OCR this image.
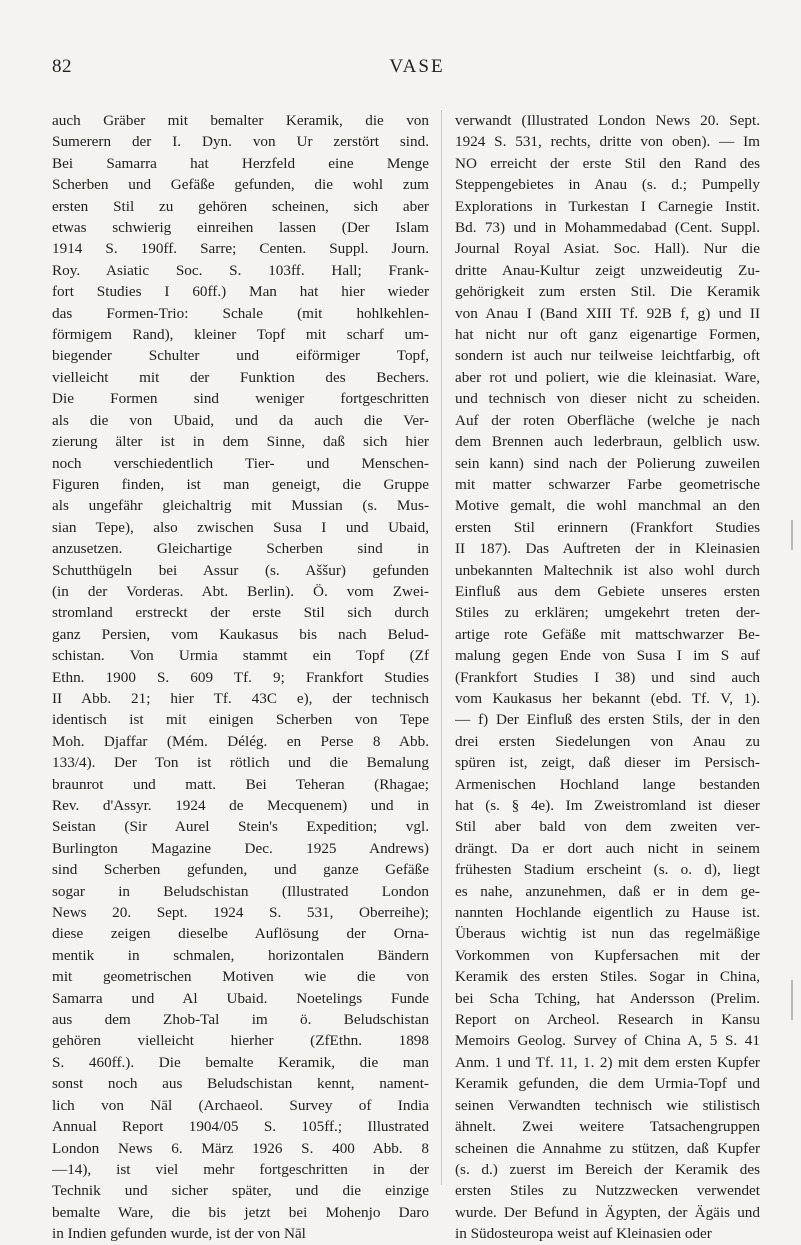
82	VASE
auch Gräber mit bemalter Keramik, die von
Sumerern der I. Dyn. von Ur zerstört sind.
Bei Samarra hat Herzfeld eine Menge
Scherben und Gefäße gefunden, die wohl zum
ersten Stil zu gehören scheinen, sich aber
etwas schwierig einreihen lassen (Der Islam
1914 S. 190ff. Sarre; Centen. Suppl. Journ.
Roy. Asiatic Soc. S. 103ff. Hall; Frank-
fort Studies I 60ff.) Man hat hier wieder
das Formen-Trio: Schale (mit hohlkehlen-
förmigem Rand), kleiner Topf mit scharf um-
biegender Schulter und eiförmiger Topf,
vielleicht mit der Funktion des Bechers.
Die Formen sind weniger fortgeschritten
als die von Ubaid, und da auch die Ver-
zierung älter ist in dem Sinne, daß sich hier
noch verschiedentlich Tier- und Menschen-
Figuren finden, ist man geneigt, die Gruppe
als ungefähr gleichaltrig mit Mussian (s. Mus-
sian Tepe), also zwischen Susa I und Ubaid,
anzusetzen. Gleichartige Scherben sind in
Schutthügeln bei Assur (s. Aššur) gefunden
(in der Vorderas. Abt. Berlin). Ö. vom Zwei-
stromland erstreckt der erste Stil sich durch
ganz Persien, vom Kaukasus bis nach Belud-
schistan. Von Urmia stammt ein Topf (Zf
Ethn. 1900 S. 609 Tf. 9; Frankfort Studies
II Abb. 21; hier Tf. 43C e), der technisch
identisch ist mit einigen Scherben von Tepe
Moh. Djaffar (Mém. Délég. en Perse 8 Abb.
133/4). Der Ton ist rötlich und die Bemalung
braunrot und matt. Bei Teheran (Rhagae;
Rev. d'Assyr. 1924 de Mecquenem) und in
Seistan (Sir Aurel Stein's Expedition; vgl.
Burlington Magazine Dec. 1925 Andrews)
sind Scherben gefunden, und ganze Gefäße
sogar in Beludschistan (Illustrated London
News 20. Sept. 1924 S. 531, Oberreihe);
diese zeigen dieselbe Auflösung der Orna-
mentik in schmalen, horizontalen Bändern
mit geometrischen Motiven wie die von
Samarra und Al Ubaid. Noetelings Funde
aus dem Zhob-Tal im ö. Beludschistan
gehören vielleicht hierher (ZfEthn. 1898
S. 460ff.). Die bemalte Keramik, die man
sonst noch aus Beludschistan kennt, nament-
lich von Nāl (Archaeol. Survey of India
Annual Report 1904/05 S. 105ff.; Illustrated
London News 6. März 1926 S. 400 Abb. 8
—14), ist viel mehr fortgeschritten in der
Technik und sicher später, und die einzige
bemalte Ware, die bis jetzt bei Mohenjo Daro
in Indien gefunden wurde, ist der von Nāl
verwandt (Illustrated London News 20. Sept.
1924 S. 531, rechts, dritte von oben). — Im
NO erreicht der erste Stil den Rand des
Steppengebietes in Anau (s. d.; Pumpelly
Explorations in Turkestan I Carnegie Instit.
Bd. 73) und in Mohammedabad (Cent. Suppl.
Journal Royal Asiat. Soc. Hall). Nur die
dritte Anau-Kultur zeigt unzweideutig Zu-
gehörigkeit zum ersten Stil. Die Keramik
von Anau I (Band XIII Tf. 92B f, g) und II
hat nicht nur oft ganz eigenartige Formen,
sondern ist auch nur teilweise leichtfarbig, oft
aber rot und poliert, wie die kleinasiat. Ware,
und technisch von dieser nicht zu scheiden.
Auf der roten Oberfläche (welche je nach
dem Brennen auch lederbraun, gelblich usw.
sein kann) sind nach der Polierung zuweilen
mit matter schwarzer Farbe geometrische
Motive gemalt, die wohl manchmal an den
ersten Stil erinnern (Frankfort Studies
II 187). Das Auftreten der in Kleinasien
unbekannten Maltechnik ist also wohl durch
Einfluß aus dem Gebiete unseres ersten
Stiles zu erklären; umgekehrt treten der-
artige rote Gefäße mit mattschwarzer Be-
malung gegen Ende von Susa I im S auf
(Frankfort Studies I 38) und sind auch
vom Kaukasus her bekannt (ebd. Tf. V, 1).
— f) Der Einfluß des ersten Stils, der in den
drei ersten Siedelungen von Anau zu
spüren ist, zeigt, daß dieser im Persisch-
Armenischen Hochland lange bestanden
hat (s. § 4e). Im Zweistromland ist dieser
Stil aber bald von dem zweiten ver-
drängt. Da er dort auch nicht in seinem
frühesten Stadium erscheint (s. o. d), liegt
es nahe, anzunehmen, daß er in dem ge-
nannten Hochlande eigentlich zu Hause ist.
Überaus wichtig ist nun das regelmäßige
Vorkommen von Kupfersachen mit der
Keramik des ersten Stiles. Sogar in China,
bei Scha Tching, hat Andersson (Prelim.
Report on Archeol. Research in Kansu
Memoirs Geolog. Survey of China A, 5 S. 41
Anm. 1 und Tf. 11, 1. 2) mit dem ersten Kupfer
Keramik gefunden, die dem Urmia-Topf und
seinen Verwandten technisch wie stilistisch
ähnelt. Zwei weitere Tatsachengruppen
scheinen die Annahme zu stützen, daß Kupfer
(s. d.) zuerst im Bereich der Keramik des
ersten Stiles zu Nutzzwecken verwendet
wurde. Der Befund in Ägypten, der Ägäis und
in Südosteuropa weist auf Kleinasien oder
